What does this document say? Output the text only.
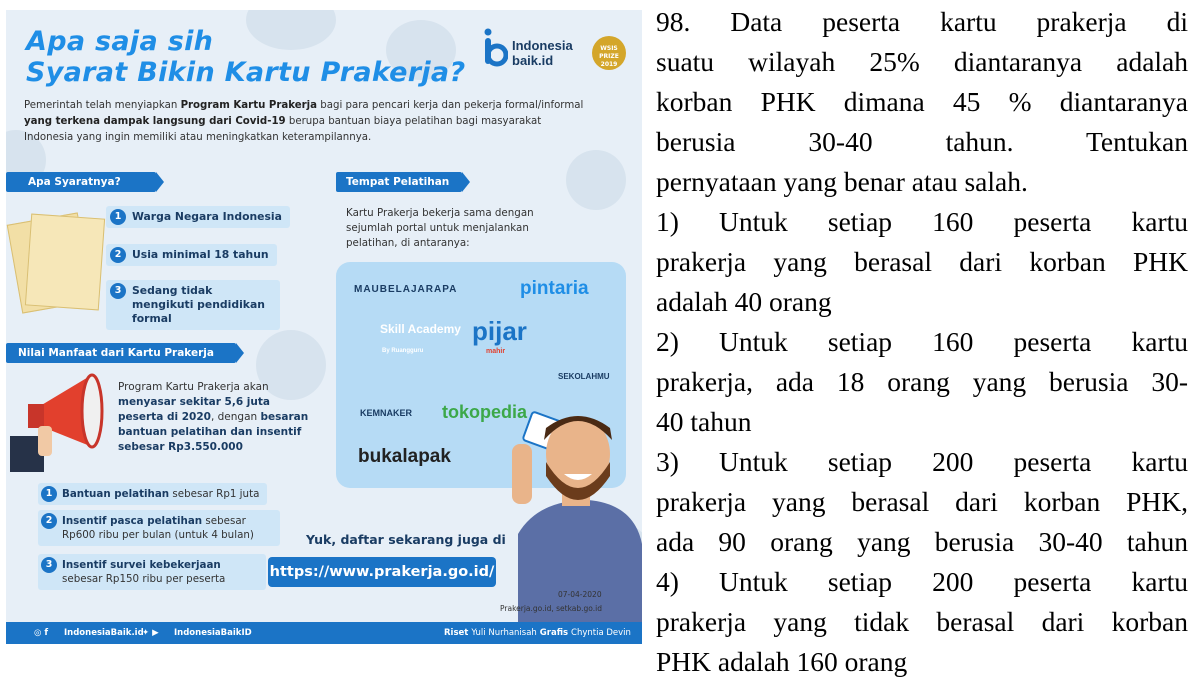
Apa saja sih
Syarat Bikin Kartu Prakerja?
Indonesia
baik.id
WSIS PRIZE 2019
Pemerintah telah menyiapkan Program Kartu Prakerja bagi para pencari kerja dan pekerja formal/informal yang terkena dampak langsung dari Covid-19 berupa bantuan biaya pelatihan bagi masyarakat Indonesia yang ingin memiliki atau meningkatkan keterampilannya.
Apa Syaratnya?
1 Warga Negara Indonesia
2 Usia minimal 18 tahun
3 Sedang tidak mengikuti pendidikan formal
Nilai Manfaat dari Kartu Prakerja
Program Kartu Prakerja akan menyasar sekitar 5,6 juta peserta di 2020, dengan besaran bantuan pelatihan dan insentif sebesar Rp3.550.000
1 Bantuan pelatihan sebesar Rp1 juta
2 Insentif pasca pelatihan sebesar Rp600 ribu per bulan (untuk 4 bulan)
3 Insentif survei kebekerjaan sebesar Rp150 ribu per peserta
Tempat Pelatihan
Kartu Prakerja bekerja sama dengan sejumlah portal untuk menjalankan pelatihan, di antaranya:
MAUBELAJARAPA	pintaria
Skill Academy
By Ruangguru
pijar
mahir
SEKOLAHMU
KEMNAKER tokopedia
bukalapak
Yuk, daftar sekarang juga di
https://www.prakerja.go.id/
07-04-2020
Prakerja.go.id, setkab.go.id
◎ f IndonesiaBaik.id
✦ ▶ IndonesiaBaikID	Riset Yuli Nurhanisah Grafis Chyntia Devin
98. Data peserta kartu prakerja di
suatu wilayah 25% diantaranya adalah
korban PHK dimana 45 % diantaranya
berusia 30-40 tahun. Tentukan
pernyataan yang benar atau salah.
1) Untuk setiap 160 peserta kartu
prakerja yang berasal dari korban PHK
adalah 40 orang
2) Untuk setiap 160 peserta kartu
prakerja, ada 18 orang yang berusia 30-
40 tahun
3) Untuk setiap 200 peserta kartu
prakerja yang berasal dari korban PHK,
ada 90 orang yang berusia 30-40 tahun
4) Untuk setiap 200 peserta kartu
prakerja yang tidak berasal dari korban
PHK adalah 160 orang
